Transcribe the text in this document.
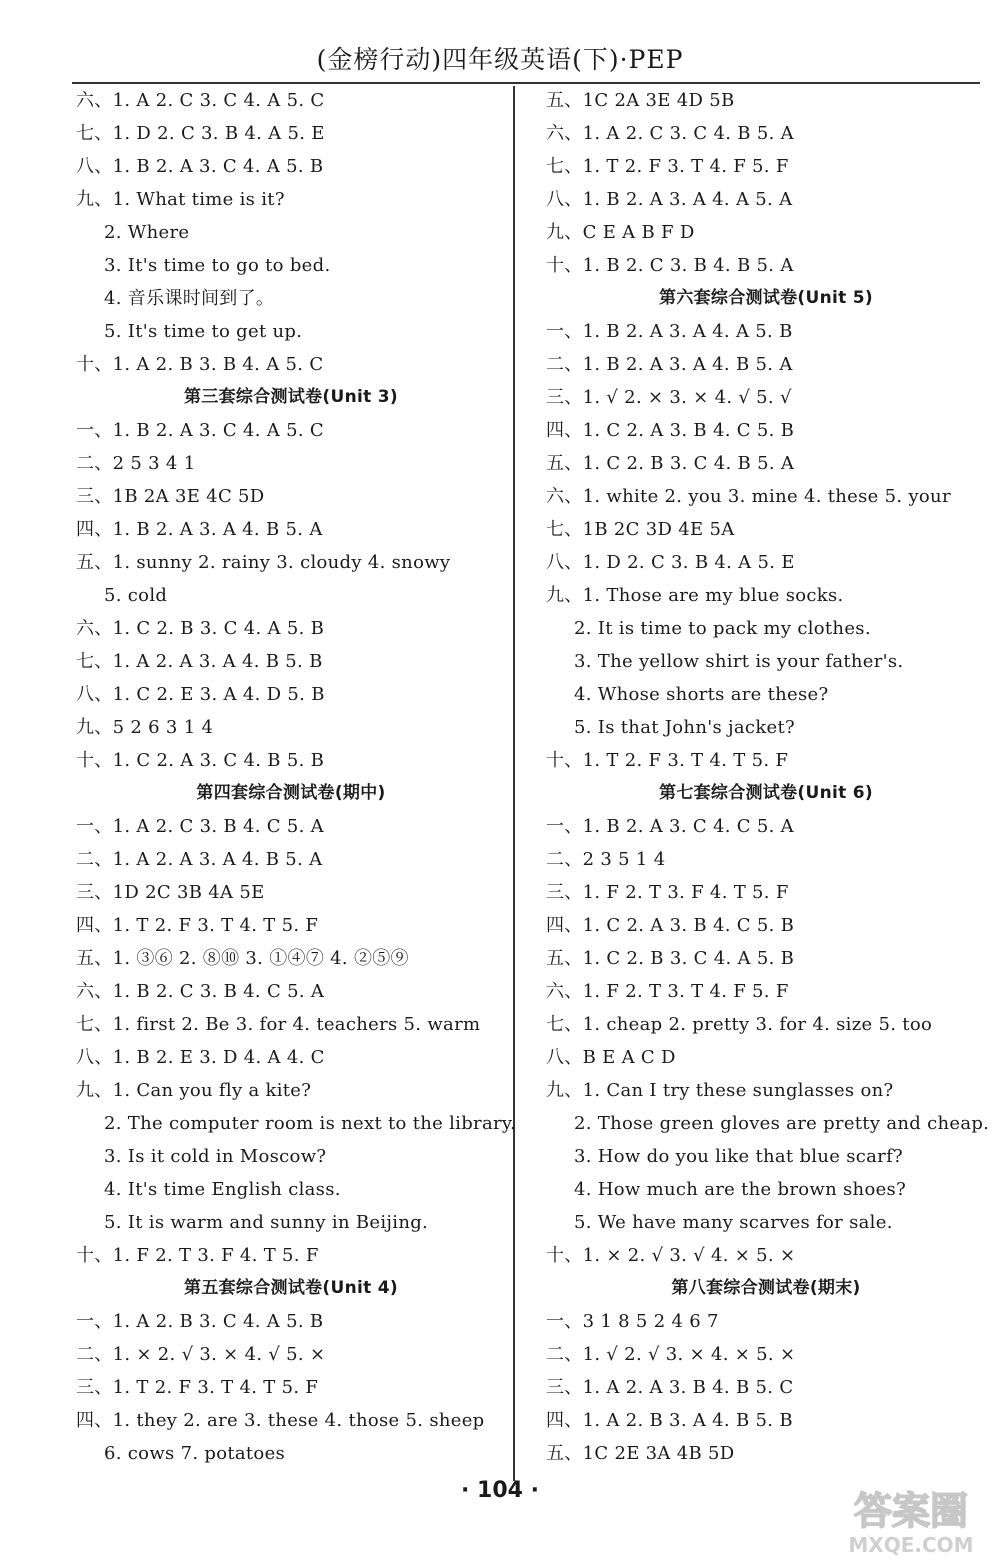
(金榜行动)四年级英语(下)·PEP
六、1. A 2. C 3. C 4. A 5. C
七、1. D 2. C 3. B 4. A 5. E
八、1. B 2. A 3. C 4. A 5. B
九、1. What time is it?
2. Where
3. It's time to go to bed.
4. 音乐课时间到了。
5. It's time to get up.
十、1. A 2. B 3. B 4. A 5. C
第三套综合测试卷(Unit 3)
一、1. B 2. A 3. C 4. A 5. C
二、2 5 3 4 1
三、1B 2A 3E 4C 5D
四、1. B 2. A 3. A 4. B 5. A
五、1. sunny 2. rainy 3. cloudy 4. snowy
5. cold
六、1. C 2. B 3. C 4. A 5. B
七、1. A 2. A 3. A 4. B 5. B
八、1. C 2. E 3. A 4. D 5. B
九、5 2 6 3 1 4
十、1. C 2. A 3. C 4. B 5. B
第四套综合测试卷(期中)
一、1. A 2. C 3. B 4. C 5. A
二、1. A 2. A 3. A 4. B 5. A
三、1D 2C 3B 4A 5E
四、1. T 2. F 3. T 4. T 5. F
五、1. ③⑥ 2. ⑧⑩ 3. ①④⑦ 4. ②⑤⑨
六、1. B 2. C 3. B 4. C 5. A
七、1. first 2. Be 3. for 4. teachers 5. warm
八、1. B 2. E 3. D 4. A 4. C
九、1. Can you fly a kite?
2. The computer room is next to the library.
3. Is it cold in Moscow?
4. It's time English class.
5. It is warm and sunny in Beijing.
十、1. F 2. T 3. F 4. T 5. F
第五套综合测试卷(Unit 4)
一、1. A 2. B 3. C 4. A 5. B
二、1. × 2. √ 3. × 4. √ 5. ×
三、1. T 2. F 3. T 4. T 5. F
四、1. they 2. are 3. these 4. those 5. sheep
6. cows 7. potatoes
五、1C 2A 3E 4D 5B
六、1. A 2. C 3. C 4. B 5. A
七、1. T 2. F 3. T 4. F 5. F
八、1. B 2. A 3. A 4. A 5. A
九、C E A B F D
十、1. B 2. C 3. B 4. B 5. A
第六套综合测试卷(Unit 5)
一、1. B 2. A 3. A 4. A 5. B
二、1. B 2. A 3. A 4. B 5. A
三、1. √ 2. × 3. × 4. √ 5. √
四、1. C 2. A 3. B 4. C 5. B
五、1. C 2. B 3. C 4. B 5. A
六、1. white 2. you 3. mine 4. these 5. your
七、1B 2C 3D 4E 5A
八、1. D 2. C 3. B 4. A 5. E
九、1. Those are my blue socks.
2. It is time to pack my clothes.
3. The yellow shirt is your father's.
4. Whose shorts are these?
5. Is that John's jacket?
十、1. T 2. F 3. T 4. T 5. F
第七套综合测试卷(Unit 6)
一、1. B 2. A 3. C 4. C 5. A
二、2 3 5 1 4
三、1. F 2. T 3. F 4. T 5. F
四、1. C 2. A 3. B 4. C 5. B
五、1. C 2. B 3. C 4. A 5. B
六、1. F 2. T 3. T 4. F 5. F
七、1. cheap 2. pretty 3. for 4. size 5. too
八、B E A C D
九、1. Can I try these sunglasses on?
2. Those green gloves are pretty and cheap.
3. How do you like that blue scarf?
4. How much are the brown shoes?
5. We have many scarves for sale.
十、1. × 2. √ 3. √ 4. × 5. ×
第八套综合测试卷(期末)
一、3 1 8 5 2 4 6 7
二、1. √ 2. √ 3. × 4. × 5. ×
三、1. A 2. A 3. B 4. B 5. C
四、1. A 2. B 3. A 4. B 5. B
五、1C 2E 3A 4B 5D
· 104 ·	答案圈
MXQE.COM
